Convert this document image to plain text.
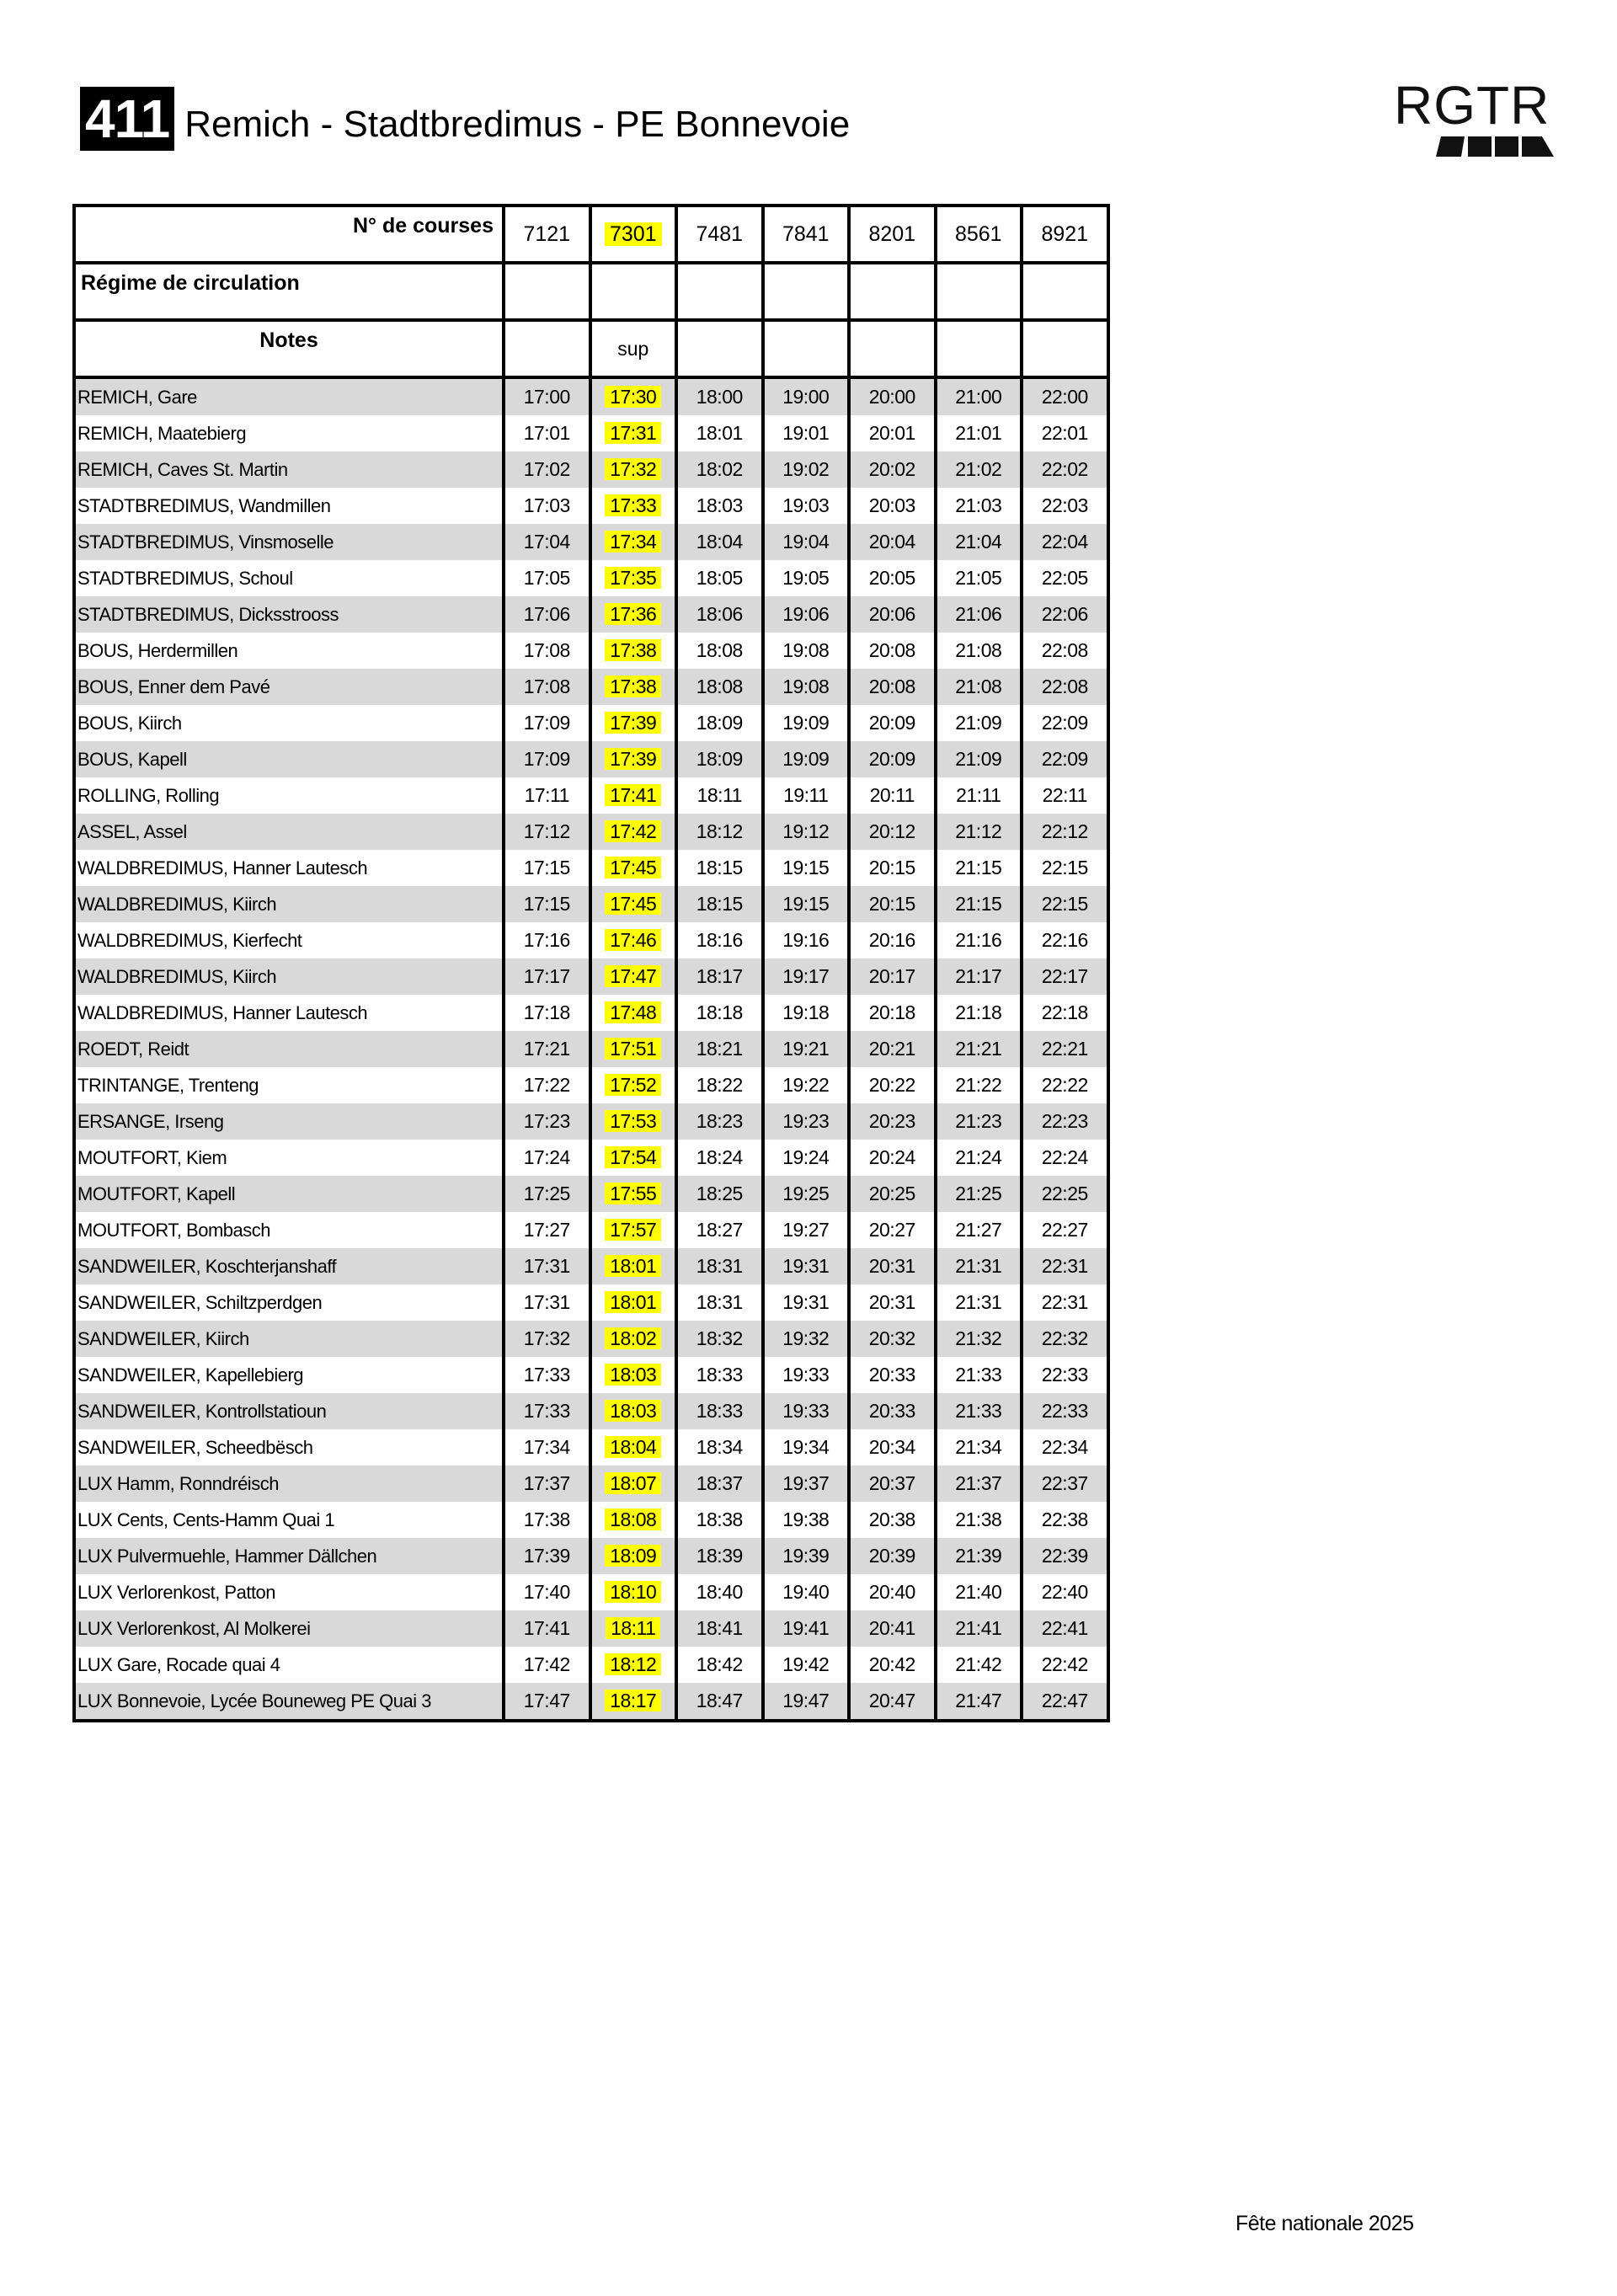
411 Remich - Stadtbredimus - PE Bonnevoie	RGTR
N° de courses	7121	7301	7481	7841	8201	8561	8921
Régime de circulation							
Notes		sup					
REMICH, Gare	17:00	17:30	18:00	19:00	20:00	21:00	22:00
REMICH, Maatebierg	17:01	17:31	18:01	19:01	20:01	21:01	22:01
REMICH, Caves St. Martin	17:02	17:32	18:02	19:02	20:02	21:02	22:02
STADTBREDIMUS, Wandmillen	17:03	17:33	18:03	19:03	20:03	21:03	22:03
STADTBREDIMUS, Vinsmoselle	17:04	17:34	18:04	19:04	20:04	21:04	22:04
STADTBREDIMUS, Schoul	17:05	17:35	18:05	19:05	20:05	21:05	22:05
STADTBREDIMUS, Dicksstrooss	17:06	17:36	18:06	19:06	20:06	21:06	22:06
BOUS, Herdermillen	17:08	17:38	18:08	19:08	20:08	21:08	22:08
BOUS, Enner dem Pavé	17:08	17:38	18:08	19:08	20:08	21:08	22:08
BOUS, Kiirch	17:09	17:39	18:09	19:09	20:09	21:09	22:09
BOUS, Kapell	17:09	17:39	18:09	19:09	20:09	21:09	22:09
ROLLING, Rolling	17:11	17:41	18:11	19:11	20:11	21:11	22:11
ASSEL, Assel	17:12	17:42	18:12	19:12	20:12	21:12	22:12
WALDBREDIMUS, Hanner Lautesch	17:15	17:45	18:15	19:15	20:15	21:15	22:15
WALDBREDIMUS, Kiirch	17:15	17:45	18:15	19:15	20:15	21:15	22:15
WALDBREDIMUS, Kierfecht	17:16	17:46	18:16	19:16	20:16	21:16	22:16
WALDBREDIMUS, Kiirch	17:17	17:47	18:17	19:17	20:17	21:17	22:17
WALDBREDIMUS, Hanner Lautesch	17:18	17:48	18:18	19:18	20:18	21:18	22:18
ROEDT, Reidt	17:21	17:51	18:21	19:21	20:21	21:21	22:21
TRINTANGE, Trenteng	17:22	17:52	18:22	19:22	20:22	21:22	22:22
ERSANGE, Irseng	17:23	17:53	18:23	19:23	20:23	21:23	22:23
MOUTFORT, Kiem	17:24	17:54	18:24	19:24	20:24	21:24	22:24
MOUTFORT, Kapell	17:25	17:55	18:25	19:25	20:25	21:25	22:25
MOUTFORT, Bombasch	17:27	17:57	18:27	19:27	20:27	21:27	22:27
SANDWEILER, Koschterjanshaff	17:31	18:01	18:31	19:31	20:31	21:31	22:31
SANDWEILER, Schiltzperdgen	17:31	18:01	18:31	19:31	20:31	21:31	22:31
SANDWEILER, Kiirch	17:32	18:02	18:32	19:32	20:32	21:32	22:32
SANDWEILER, Kapellebierg	17:33	18:03	18:33	19:33	20:33	21:33	22:33
SANDWEILER, Kontrollstatioun	17:33	18:03	18:33	19:33	20:33	21:33	22:33
SANDWEILER, Scheedbësch	17:34	18:04	18:34	19:34	20:34	21:34	22:34
LUX Hamm, Ronndréisch	17:37	18:07	18:37	19:37	20:37	21:37	22:37
LUX Cents, Cents-Hamm Quai 1	17:38	18:08	18:38	19:38	20:38	21:38	22:38
LUX Pulvermuehle, Hammer Dällchen	17:39	18:09	18:39	19:39	20:39	21:39	22:39
LUX Verlorenkost, Patton	17:40	18:10	18:40	19:40	20:40	21:40	22:40
LUX Verlorenkost, Al Molkerei	17:41	18:11	18:41	19:41	20:41	21:41	22:41
LUX Gare, Rocade quai 4	17:42	18:12	18:42	19:42	20:42	21:42	22:42
LUX Bonnevoie, Lycée Bouneweg PE Quai 3	17:47	18:17	18:47	19:47	20:47	21:47	22:47
Fête nationale 2025
